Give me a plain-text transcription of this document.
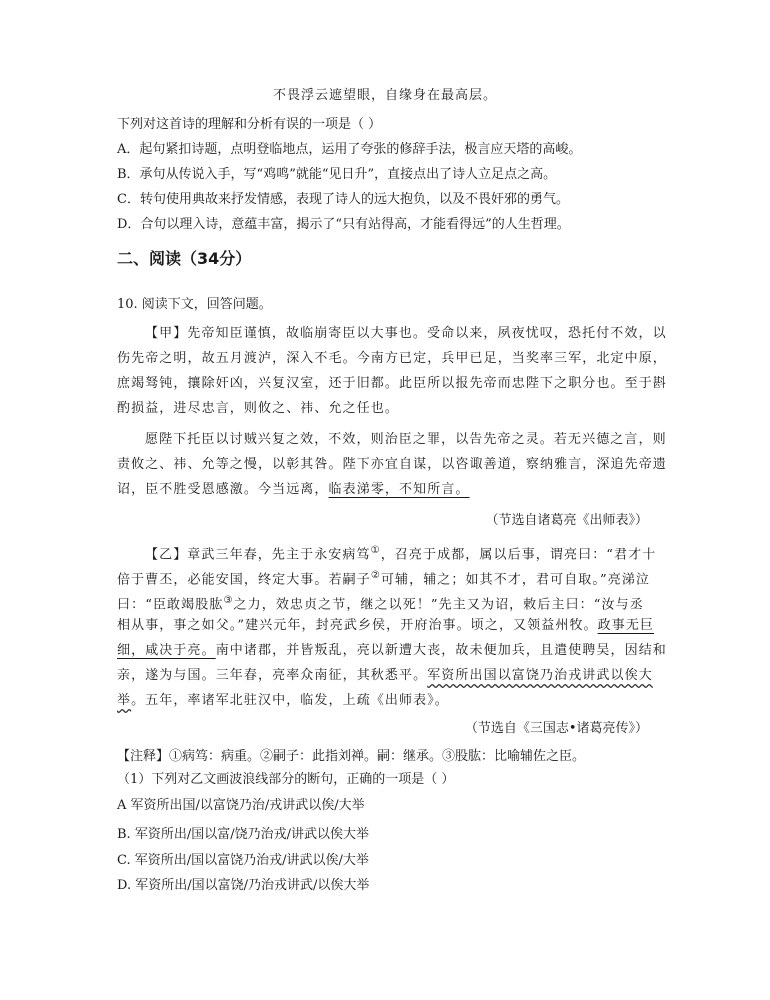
不畏浮云遮望眼，自缘身在最高层。
下列对这首诗的理解和分析有误的一项是（ ）
A．起句紧扣诗题，点明登临地点，运用了夸张的修辞手法，极言应天塔的高峻。
B．承句从传说入手，写“鸡鸣”就能“见日升”，直接点出了诗人立足点之高。
C．转句使用典故来抒发情感，表现了诗人的远大抱负，以及不畏奸邪的勇气。
D．合句以理入诗，意蕴丰富，揭示了“只有站得高，才能看得远”的人生哲理。
二、阅读（34分）
10. 阅读下文，回答问题。
【甲】先帝知臣谨慎，故临崩寄臣以大事也。受命以来，夙夜忧叹，恐托付不效，以
伤先帝之明，故五月渡泸，深入不毛。今南方已定，兵甲已足，当奖率三军，北定中原，
庶竭驽钝，攘除奸凶，兴复汉室，还于旧都。此臣所以报先帝而忠陛下之职分也。至于斟
酌损益，进尽忠言，则攸之、祎、允之任也。
愿陛下托臣以讨贼兴复之效，不效，则治臣之罪，以告先帝之灵。若无兴德之言，则
责攸之、祎、允等之慢，以彰其咎。陛下亦宜自谋，以咨诹善道，察纳雅言，深追先帝遗
诏，臣不胜受恩感激。今当远离，临表涕零，不知所言。
（节选自诸葛亮《出师表》）
【乙】章武三年春，先主于永安病笃①，召亮于成都，属以后事，谓亮曰：“君才十
倍于曹丕，必能安国，终定大事。若嗣子②可辅，辅之；如其不才，君可自取。”亮涕泣
曰：“臣敢竭股肱③之力，效忠贞之节，继之以死！”先主又为诏，敕后主曰：“汝与丞
相从事，事之如父。”建兴元年，封亮武乡侯，开府治事。顷之，又领益州牧。政事无巨
细，咸决于亮。南中诸郡，并皆叛乱，亮以新遭大丧，故未便加兵，且遣使聘吴，因结和
亲，遂为与国。三年春，亮率众南征，其秋悉平。军资所出国以富饶乃治戎讲武以俟大
举。五年，率诸军北驻汉中，临发，上疏《出师表》。
（节选自《三国志•诸葛亮传》）
【注释】①病笃：病重。②嗣子：此指刘禅。嗣：继承。③股肱：比喻辅佐之臣。
（1）下列对乙文画波浪线部分的断句，正确的一项是（ ）
A 军资所出国/以富饶乃治/戎讲武以俟/大举
B. 军资所出/国以富/饶乃治戎/讲武以俟大举
C. 军资所出/国以富饶乃治戎/讲武以俟/大举
D. 军资所出/国以富饶/乃治戎讲武/以俟大举
